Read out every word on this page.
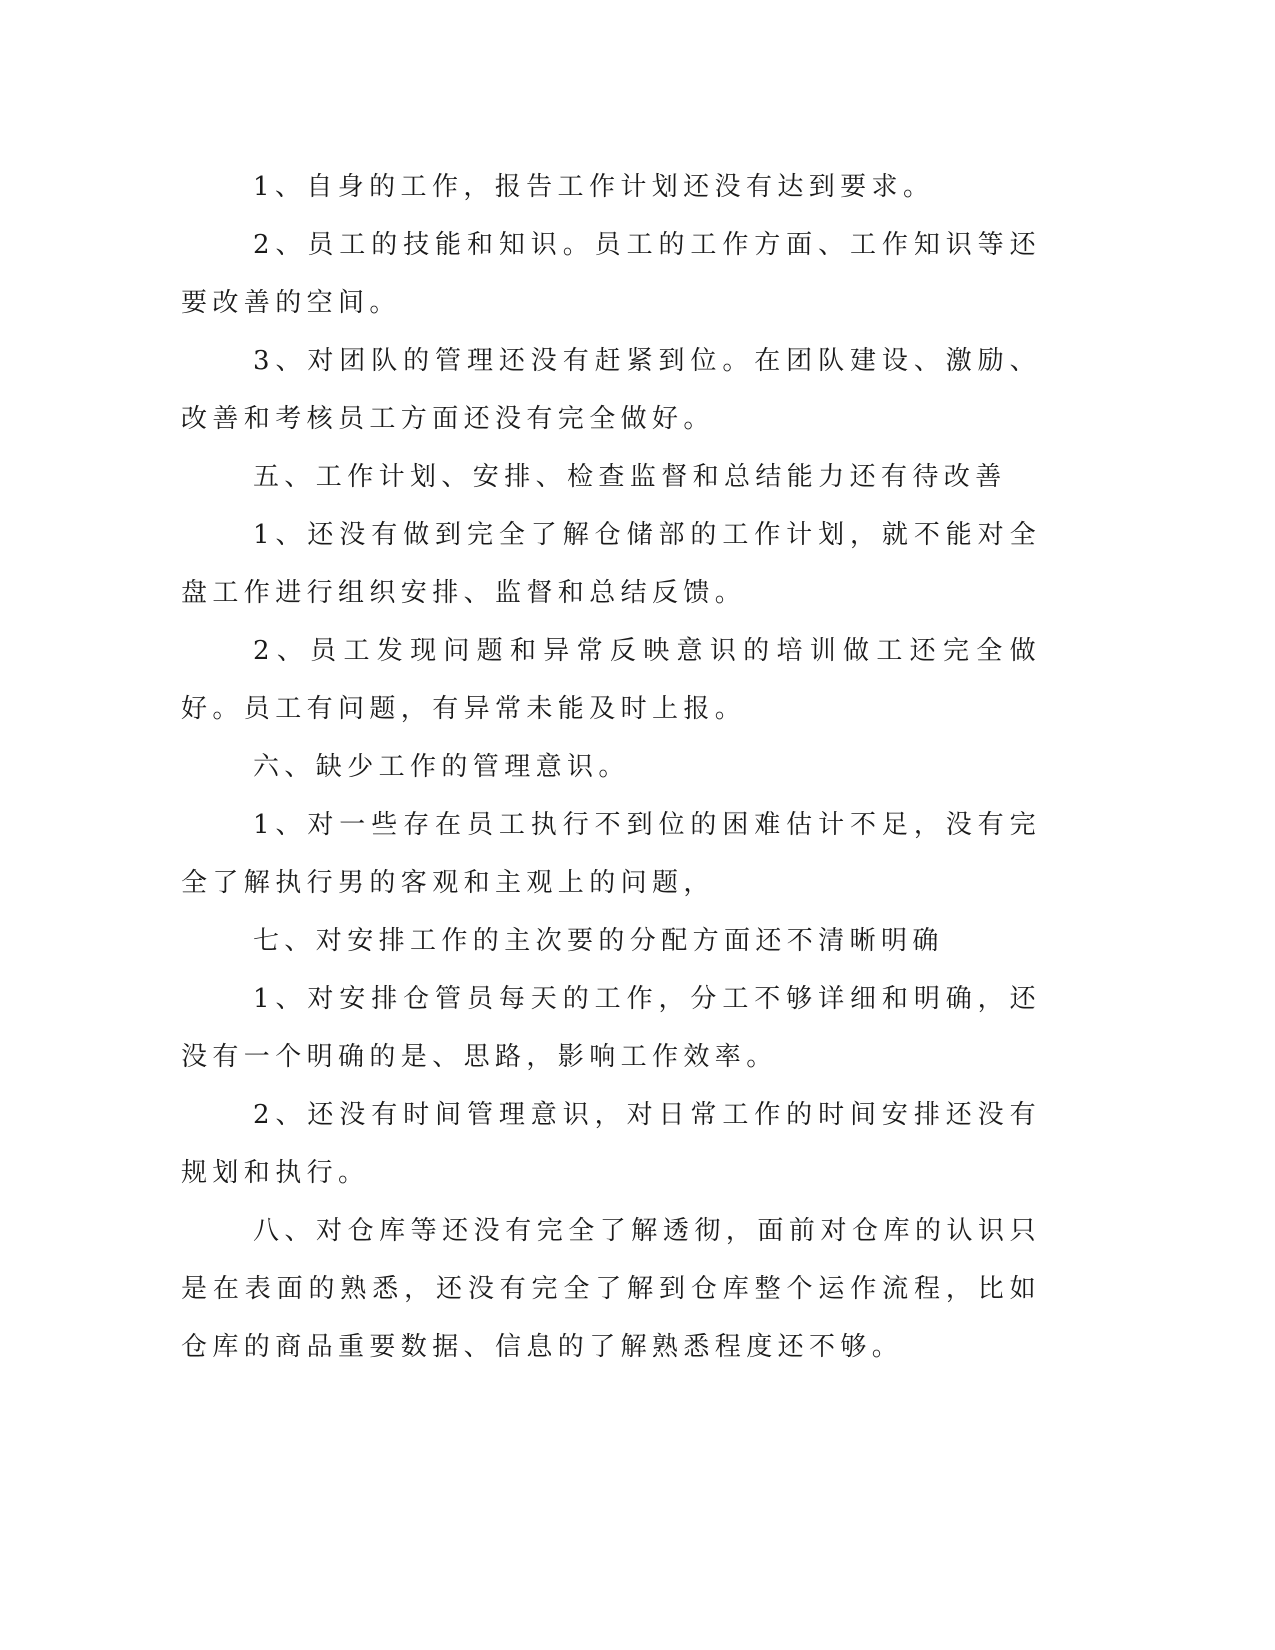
1、自身的工作，报告工作计划还没有达到要求。

2、员工的技能和知识。员工的工作方面、工作知识等还要改善的空间。

3、对团队的管理还没有赶紧到位。在团队建设、激励、改善和考核员工方面还没有完全做好。

五、工作计划、安排、检查监督和总结能力还有待改善

1、还没有做到完全了解仓储部的工作计划，就不能对全盘工作进行组织安排、监督和总结反馈。

2、员工发现问题和异常反映意识的培训做工还完全做好。员工有问题，有异常未能及时上报。

六、缺少工作的管理意识。

1、对一些存在员工执行不到位的困难估计不足，没有完全了解执行男的客观和主观上的问题，

七、对安排工作的主次要的分配方面还不清晰明确

1、对安排仓管员每天的工作，分工不够详细和明确，还没有一个明确的是、思路，影响工作效率。

2、还没有时间管理意识，对日常工作的时间安排还没有规划和执行。

八、对仓库等还没有完全了解透彻，面前对仓库的认识只是在表面的熟悉，还没有完全了解到仓库整个运作流程，比如仓库的商品重要数据、信息的了解熟悉程度还不够。
